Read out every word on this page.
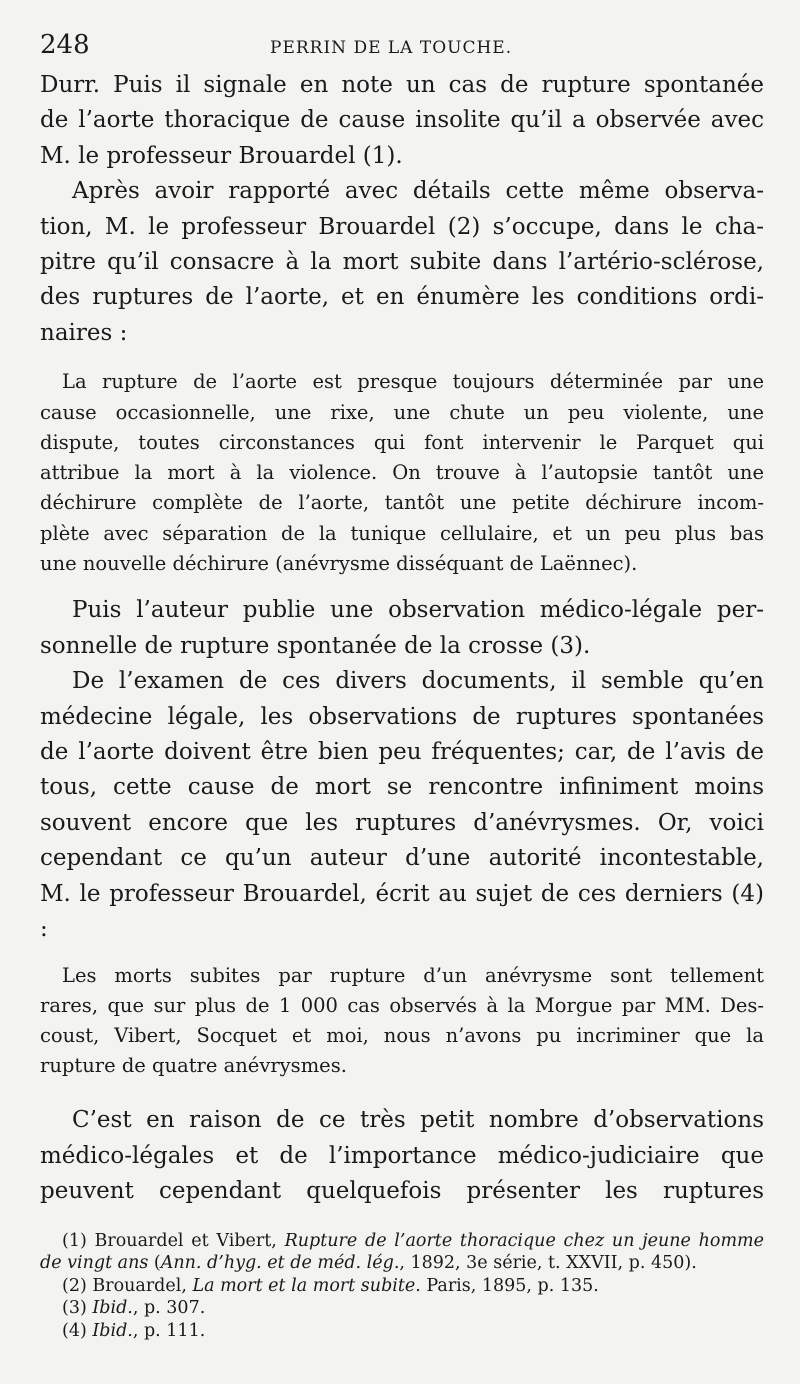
248	PERRIN DE LA TOUCHE.

Durr. Puis il signale en note un cas de rupture spontanée

de l’aorte thoracique de cause insolite qu’il a observée avec

M. le professeur Brouardel (1).

Après avoir rapporté avec détails cette même observa-

tion, M. le professeur Brouardel (2) s’occupe, dans le cha-

pitre qu’il consacre à la mort subite dans l’artério-sclérose,

des ruptures de l’aorte, et en énumère les conditions ordi-

naires :

La rupture de l’aorte est presque toujours déterminée par une

cause occasionnelle, une rixe, une chute un peu violente, une

dispute, toutes circonstances qui font intervenir le Parquet qui

attribue la mort à la violence. On trouve à l’autopsie tantôt une

déchirure complète de l’aorte, tantôt une petite déchirure incom-

plète avec séparation de la tunique cellulaire, et un peu plus bas

une nouvelle déchirure (anévrysme disséquant de Laënnec).

Puis l’auteur publie une observation médico-légale per-

sonnelle de rupture spontanée de la crosse (3).

De l’examen de ces divers documents, il semble qu’en

médecine légale, les observations de ruptures spontanées

de l’aorte doivent être bien peu fréquentes; car, de l’avis de

tous, cette cause de mort se rencontre infiniment moins

souvent encore que les ruptures d’anévrysmes. Or, voici

cependant ce qu’un auteur d’une autorité incontestable,

M. le professeur Brouardel, écrit au sujet de ces derniers (4) :

Les morts subites par rupture d’un anévrysme sont tellement

rares, que sur plus de 1 000 cas observés à la Morgue par MM. Des-

coust, Vibert, Socquet et moi, nous n’avons pu incriminer que la

rupture de quatre anévrysmes.

C’est en raison de ce très petit nombre d’observations

médico-légales et de l’importance médico-judiciaire que

peuvent cependant quelquefois présenter les ruptures

(1) Brouardel et Vibert, Rupture de l’aorte thoracique chez un jeune homme de vingt ans (Ann. d’hyg. et de méd. lég., 1892, 3e série, t. XXVII, p. 450).

(2) Brouardel, La mort et la mort subite. Paris, 1895, p. 135.

(3) Ibid., p. 307.

(4) Ibid., p. 111.
